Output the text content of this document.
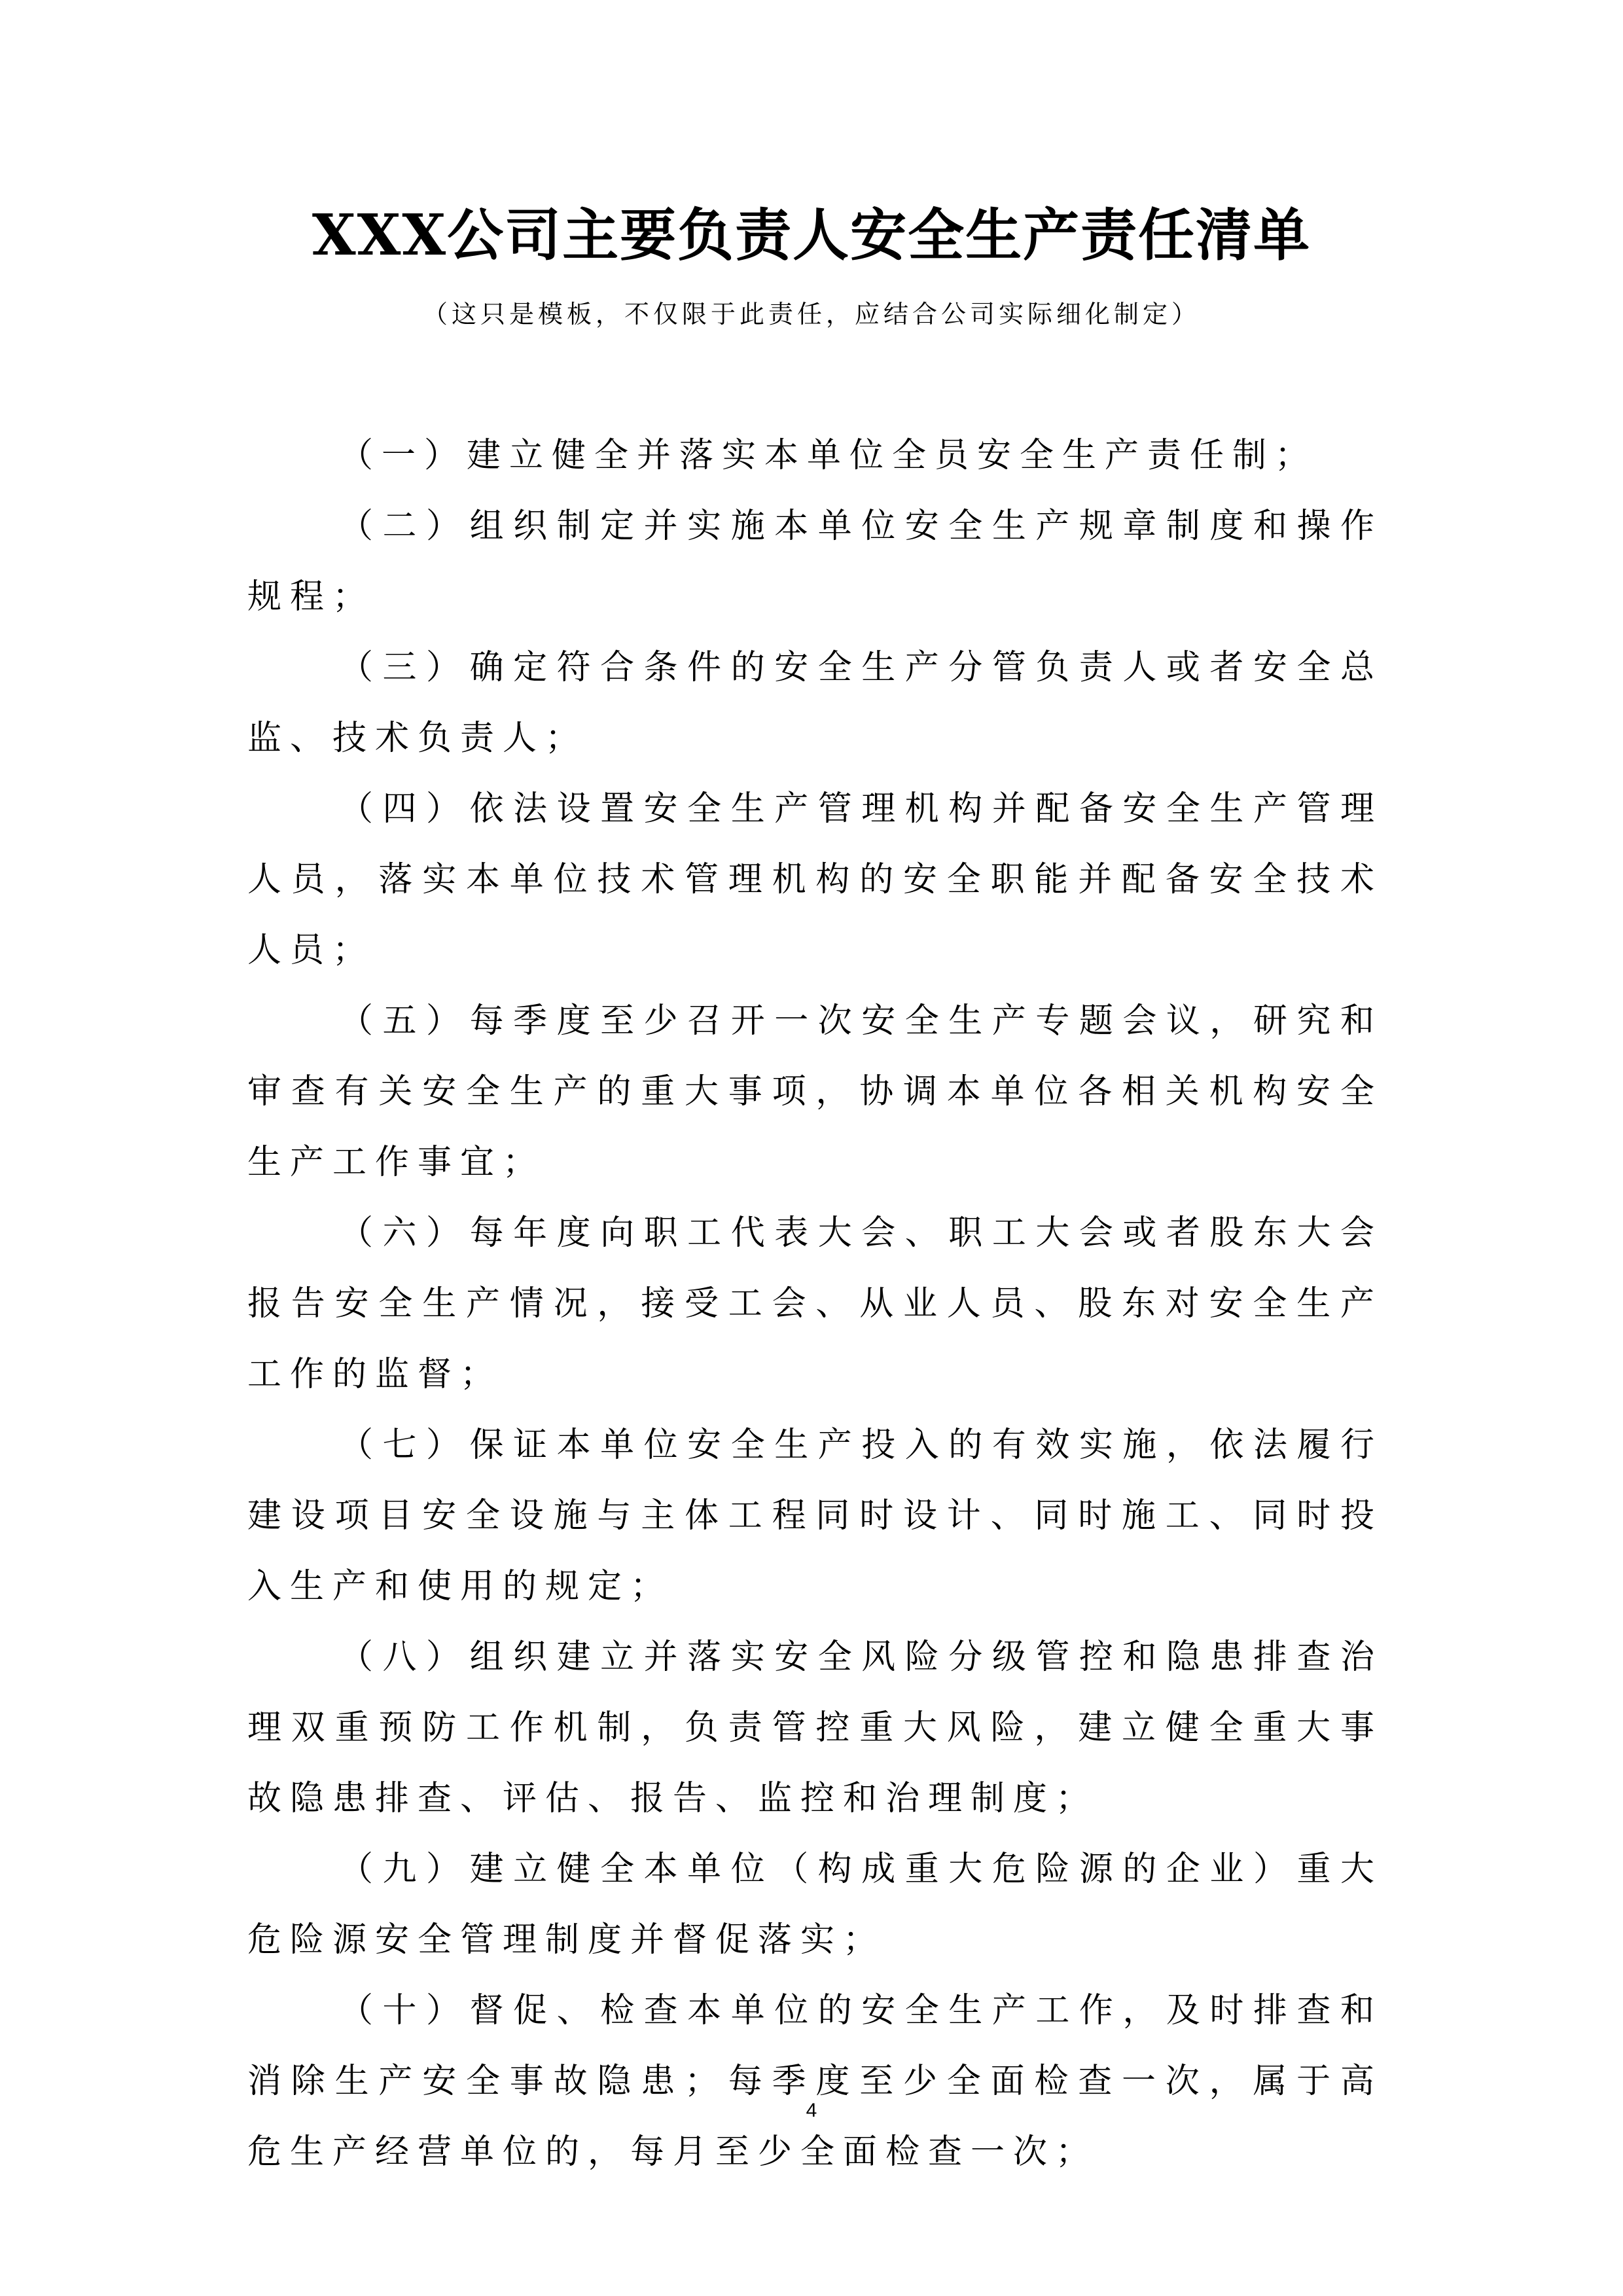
XXX公司主要负责人安全生产责任清单
（这只是模板，不仅限于此责任，应结合公司实际细化制定）

（一）建立健全并落实本单位全员安全生产责任制；

（二）组织制定并实施本单位安全生产规章制度和操作规程；

（三）确定符合条件的安全生产分管负责人或者安全总监、技术负责人；

（四）依法设置安全生产管理机构并配备安全生产管理人员，落实本单位技术管理机构的安全职能并配备安全技术人员；

（五）每季度至少召开一次安全生产专题会议，研究和审查有关安全生产的重大事项，协调本单位各相关机构安全生产工作事宜；

（六）每年度向职工代表大会、职工大会或者股东大会报告安全生产情况，接受工会、从业人员、股东对安全生产工作的监督；

（七）保证本单位安全生产投入的有效实施，依法履行建设项目安全设施与主体工程同时设计、同时施工、同时投入生产和使用的规定；

（八）组织建立并落实安全风险分级管控和隐患排查治理双重预防工作机制，负责管控重大风险，建立健全重大事故隐患排查、评估、报告、监控和治理制度；

（九）建立健全本单位（构成重大危险源的企业）重大危险源安全管理制度并督促落实；

（十）督促、检查本单位的安全生产工作，及时排查和消除生产安全事故隐患；每季度至少全面检查一次，属于高危生产经营单位的，每月至少全面检查一次；

4
